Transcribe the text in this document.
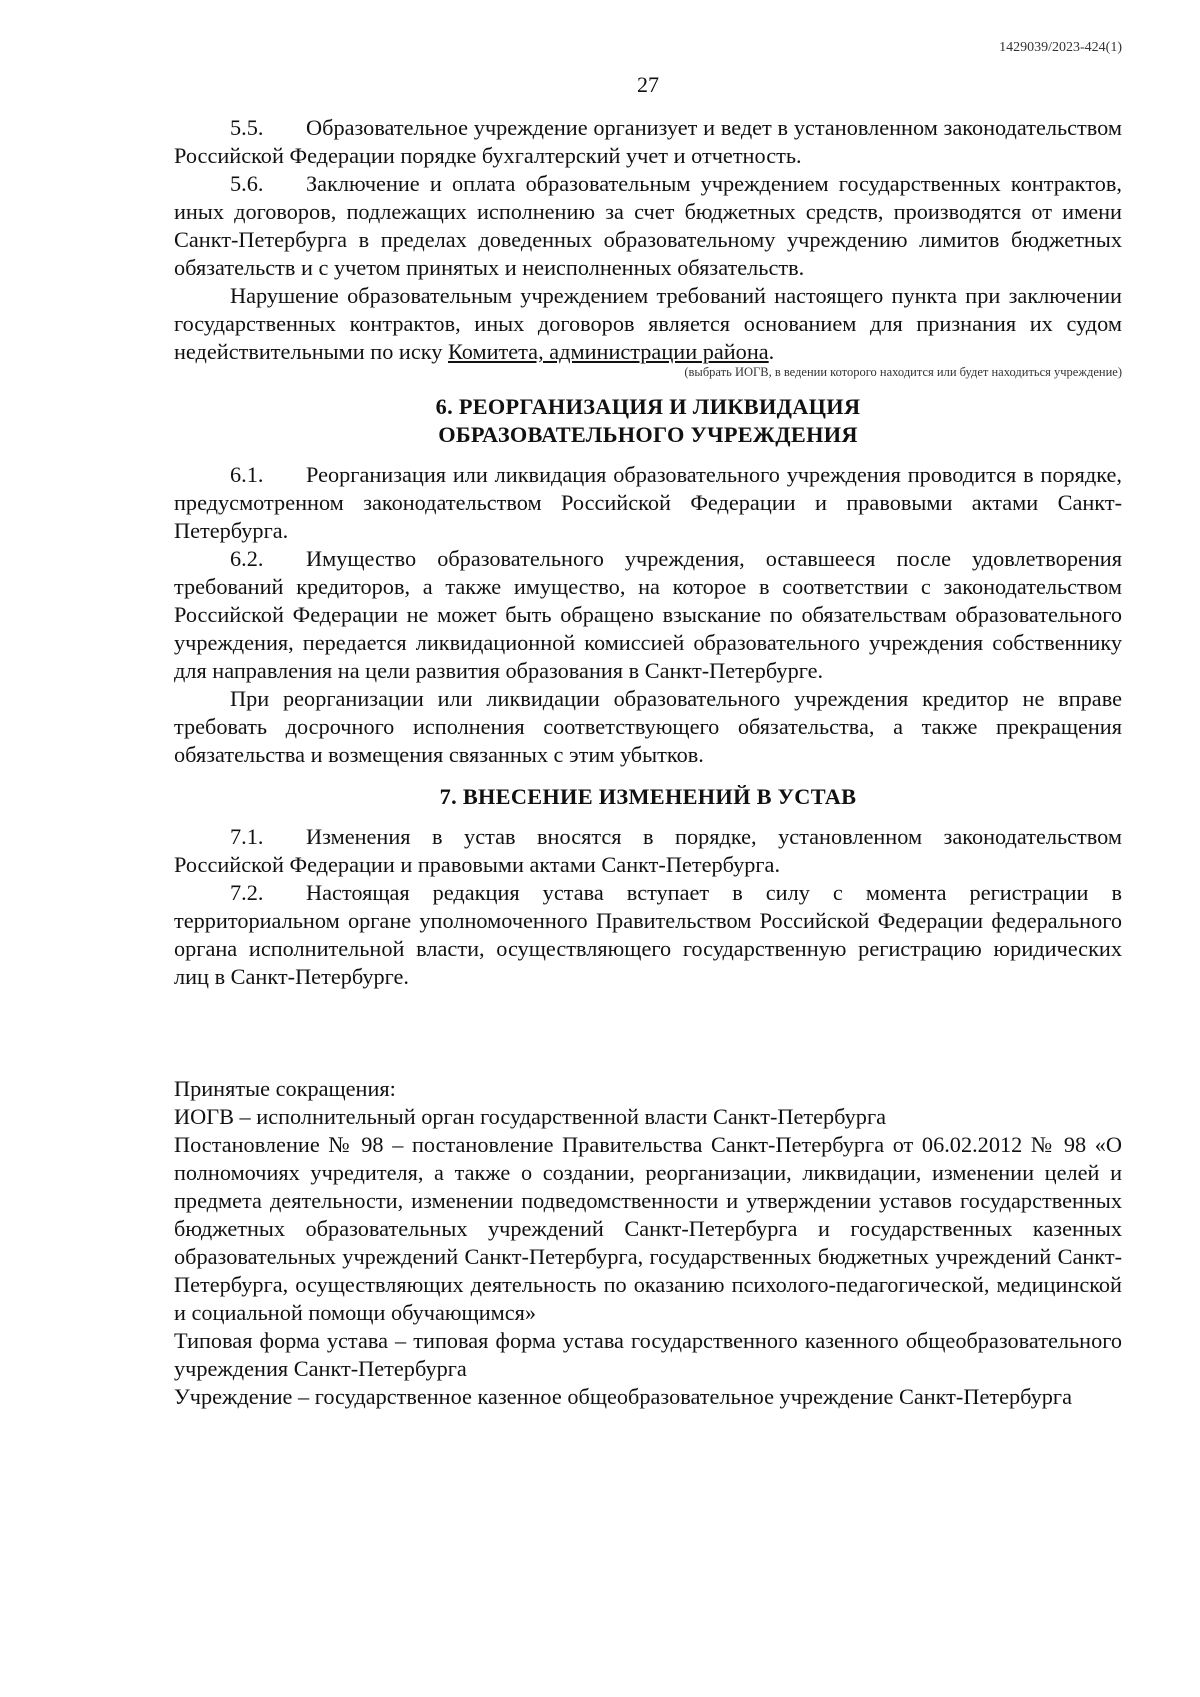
1429039/2023-424(1)
27

5.5. Образовательное учреждение организует и ведет в установленном законодательством Российской Федерации порядке бухгалтерский учет и отчетность.

5.6. Заключение и оплата образовательным учреждением государственных контрактов, иных договоров, подлежащих исполнению за счет бюджетных средств, производятся от имени Санкт-Петербурга в пределах доведенных образовательному учреждению лимитов бюджетных обязательств и с учетом принятых и неисполненных обязательств.

Нарушение образовательным учреждением требований настоящего пункта при заключении государственных контрактов, иных договоров является основанием для признания их судом недействительными по иску Комитета, администрации района.

(выбрать ИОГВ, в ведении которого находится или будет находиться учреждение)
6. РЕОРГАНИЗАЦИЯ И ЛИКВИДАЦИЯ
ОБРАЗОВАТЕЛЬНОГО УЧРЕЖДЕНИЯ

6.1. Реорганизация или ликвидация образовательного учреждения проводится в порядке, предусмотренном законодательством Российской Федерации и правовыми актами Санкт-Петербурга.

6.2. Имущество образовательного учреждения, оставшееся после удовлетворения требований кредиторов, а также имущество, на которое в соответствии с законодательством Российской Федерации не может быть обращено взыскание по обязательствам образовательного учреждения, передается ликвидационной комиссией образовательного учреждения собственнику для направления на цели развития образования в Санкт-Петербурге.

При реорганизации или ликвидации образовательного учреждения кредитор не вправе требовать досрочного исполнения соответствующего обязательства, а также прекращения обязательства и возмещения связанных с этим убытков.

7. ВНЕСЕНИЕ ИЗМЕНЕНИЙ В УСТАВ

7.1. Изменения в устав вносятся в порядке, установленном законодательством Российской Федерации и правовыми актами Санкт-Петербурга.

7.2. Настоящая редакция устава вступает в силу с момента регистрации в территориальном органе уполномоченного Правительством Российской Федерации федерального органа исполнительной власти, осуществляющего государственную регистрацию юридических лиц в Санкт-Петербурге.

Принятые сокращения:

ИОГВ – исполнительный орган государственной власти Санкт-Петербурга

Постановление № 98 – постановление Правительства Санкт-Петербурга от 06.02.2012 № 98 «О полномочиях учредителя, а также о создании, реорганизации, ликвидации, изменении целей и предмета деятельности, изменении подведомственности и утверждении уставов государственных бюджетных образовательных учреждений Санкт-Петербурга и государственных казенных образовательных учреждений Санкт-Петербурга, государственных бюджетных учреждений Санкт-Петербурга, осуществляющих деятельность по оказанию психолого-педагогической, медицинской и социальной помощи обучающимся»

Типовая форма устава – типовая форма устава государственного казенного общеобразовательного учреждения Санкт-Петербурга

Учреждение – государственное казенное общеобразовательное учреждение Санкт-Петербурга
